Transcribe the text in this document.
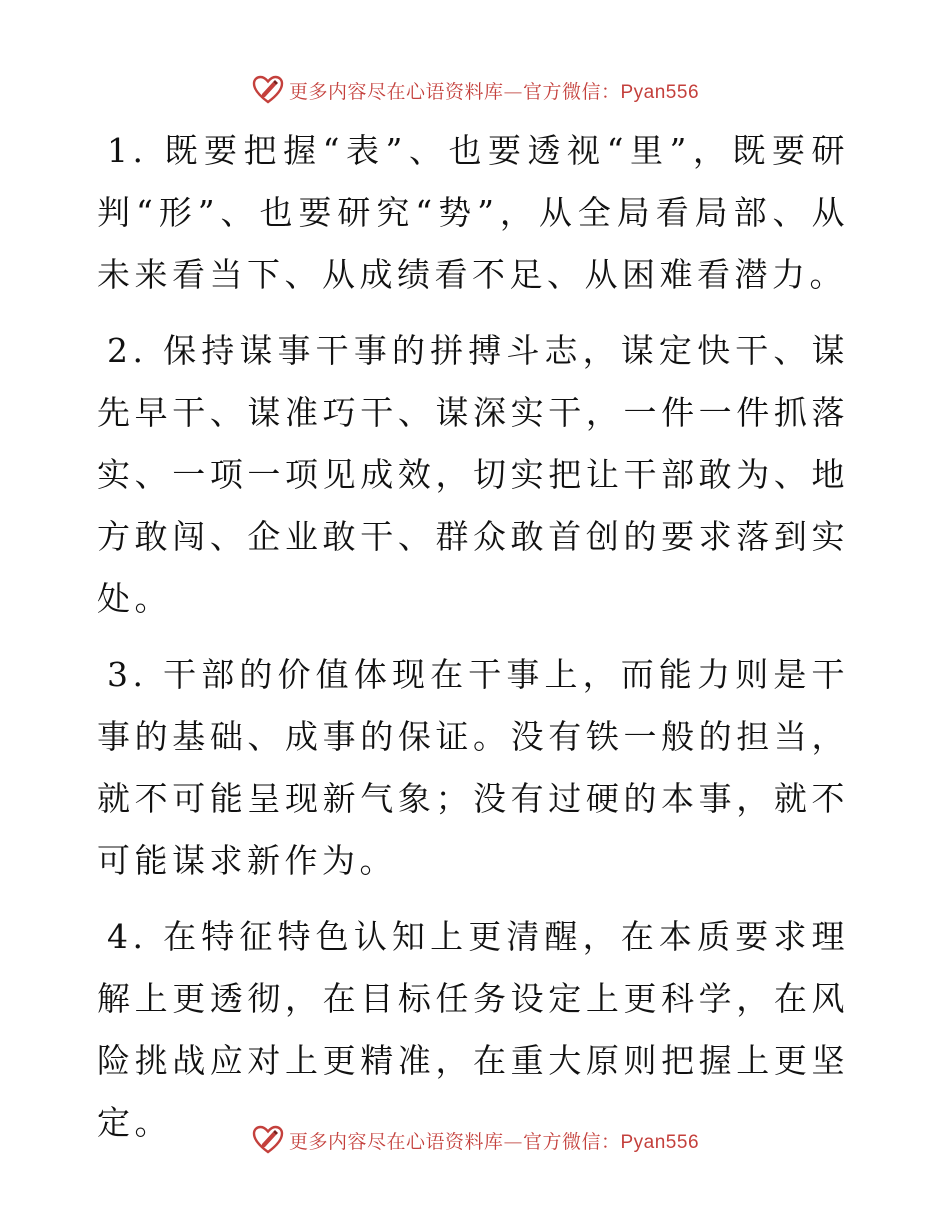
更多内容尽在心语资料库—官方微信：Pyan556

1. 既要把握“表”、也要透视“里”，既要研判“形”、也要研究“势”，从全局看局部、从未来看当下、从成绩看不足、从困难看潜力。

2. 保持谋事干事的拼搏斗志，谋定快干、谋先早干、谋准巧干、谋深实干，一件一件抓落实、一项一项见成效，切实把让干部敢为、地方敢闯、企业敢干、群众敢首创的要求落到实处。

3. 干部的价值体现在干事上，而能力则是干事的基础、成事的保证。没有铁一般的担当，就不可能呈现新气象；没有过硬的本事，就不可能谋求新作为。

4. 在特征特色认知上更清醒，在本质要求理解上更透彻，在目标任务设定上更科学，在风险挑战应对上更精准，在重大原则把握上更坚定。	更多内容尽在心语资料库—官方微信：Pyan556
